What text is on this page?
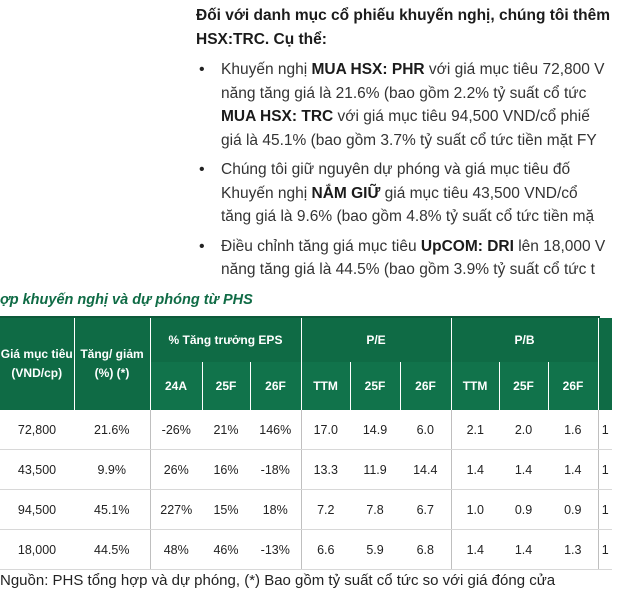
Đối với danh mục cổ phiếu khuyến nghị, chúng tôi thêm
HSX:TRC. Cụ thể:
• Khuyến nghị MUA HSX: PHR với giá mục tiêu 72,800 V
năng tăng giá là 21.6% (bao gồm 2.2% tỷ suất cổ tức
MUA HSX: TRC với giá mục tiêu 94,500 VND/cổ phiế
giá là 45.1% (bao gồm 3.7% tỷ suất cổ tức tiền mặt FY
• Chúng tôi giữ nguyên dự phóng và giá mục tiêu đố
Khuyến nghị NẮM GIỮ giá mục tiêu 43,500 VND/cổ
tăng giá là 9.6% (bao gồm 4.8% tỷ suất cổ tức tiền mặ
• Điều chỉnh tăng giá mục tiêu UpCOM: DRI lên 18,000 V
năng tăng giá là 44.5% (bao gồm 3.9% tỷ suất cổ tức t
ợp khuyến nghị và dự phóng từ PHS
Giá mục tiêu (VND/cp)	Tăng/ giảm (%) (*)	% Tăng trưởng EPS			P/E			P/B			
		24A	25F	26F	TTM	25F	26F	TTM	25F	26F	
72,800	21.6%	-26%	21%	146%	17.0	14.9	6.0	2.1	2.0	1.6	1
43,500	9.9%	26%	16%	-18%	13.3	11.9	14.4	1.4	1.4	1.4	1
94,500	45.1%	227%	15%	18%	7.2	7.8	6.7	1.0	0.9	0.9	1
18,000	44.5%	48%	46%	-13%	6.6	5.9	6.8	1.4	1.4	1.3	1
Nguồn: PHS tổng hợp và dự phóng, (*) Bao gồm tỷ suất cổ tức so với giá đóng cửa
